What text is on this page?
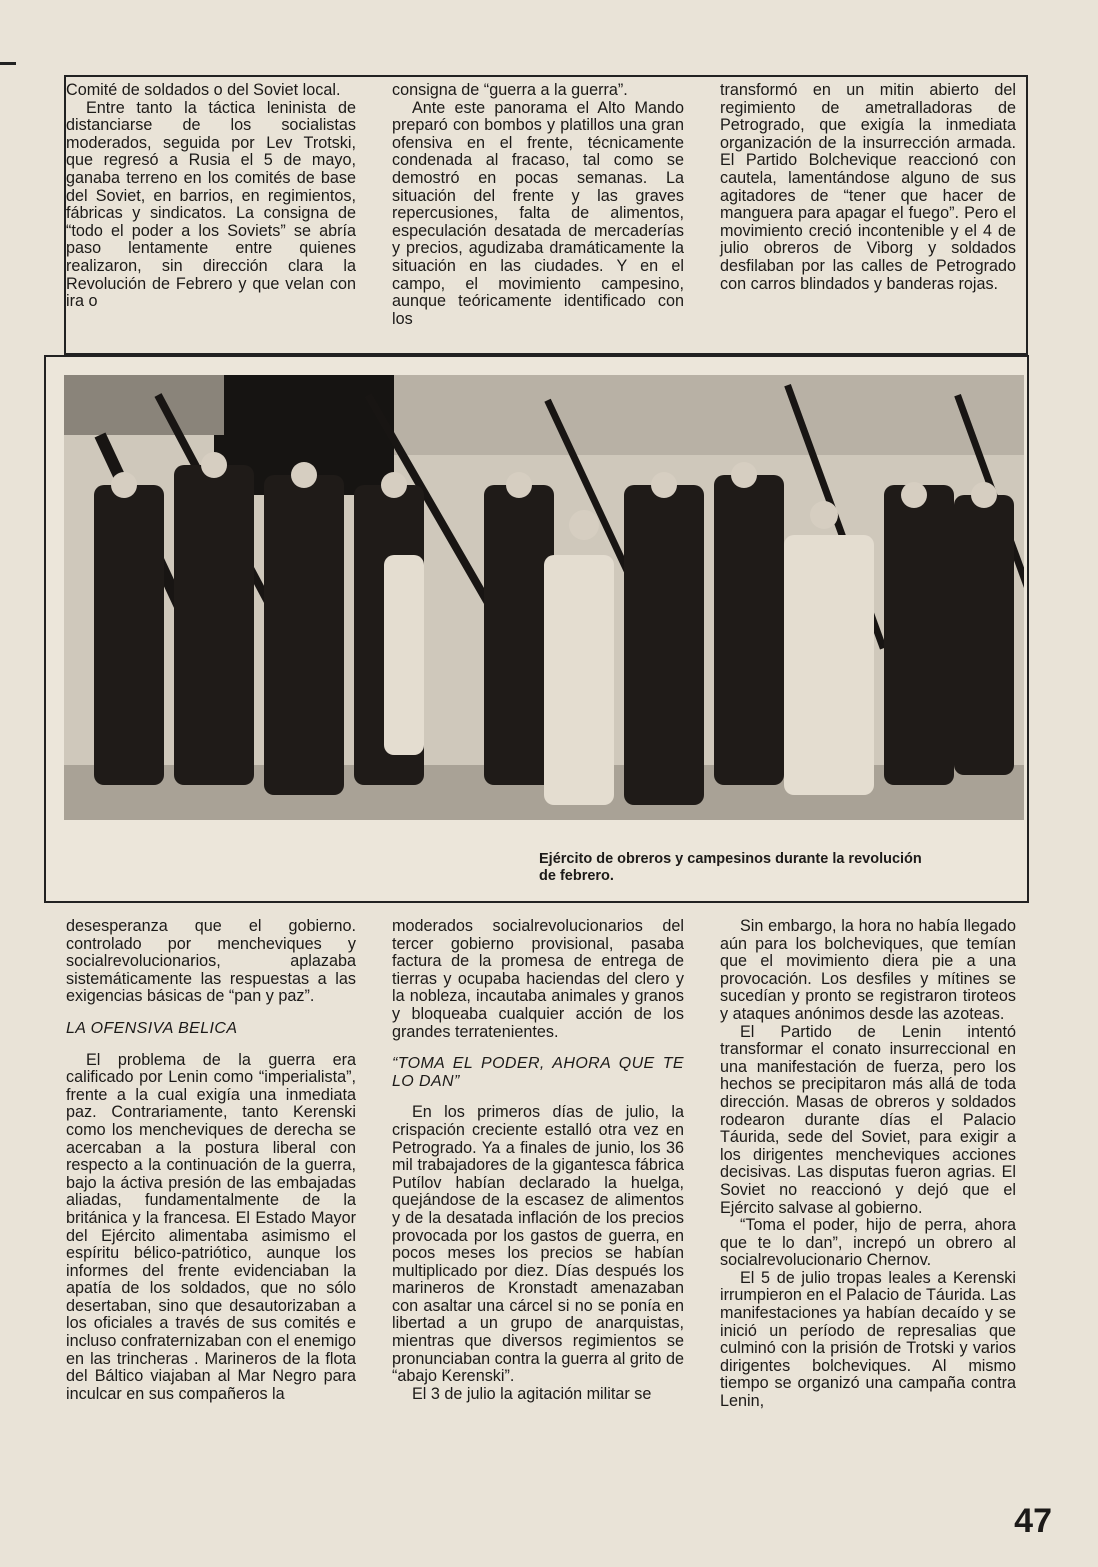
Comité de soldados o del Soviet local.

Entre tanto la táctica leninista de distanciarse de los socialistas moderados, seguida por Lev Trotski, que regresó a Rusia el 5 de mayo, ganaba terreno en los comités de base del Soviet, en barrios, en regimientos, fábricas y sindicatos. La consigna de “todo el poder a los Soviets” se abría paso lentamente entre quienes realizaron, sin dirección clara la Revolución de Febrero y que velan con ira o

consigna de “guerra a la guerra”.

Ante este panorama el Alto Mando preparó con bombos y platillos una gran ofensiva en el frente, técnicamente condenada al fracaso, tal como se demostró en pocas semanas. La situación del frente y las graves repercusiones, falta de alimentos, especulación desatada de mercaderías y precios, agudizaba dramáticamente la situación en las ciudades. Y en el campo, el movimiento campesino, aunque teóricamente identificado con los

transformó en un mitin abierto del regimiento de ametralladoras de Petrogrado, que exigía la inmediata organización de la insurrección armada. El Partido Bolchevique reaccionó con cautela, lamentándose alguno de sus agitadores de “tener que hacer de manguera para apagar el fuego”. Pero el movimiento creció incontenible y el 4 de julio obreros de Viborg y soldados desfilaban por las calles de Petrogrado con carros blindados y banderas rojas.

Ejército de obreros y campesinos durante la revolución
de febrero.

desesperanza que el gobierno. controlado por mencheviques y socialrevolucionarios, aplazaba sistemáticamente las respuestas a las exigencias básicas de “pan y paz”.

LA OFENSIVA BELICA

El problema de la guerra era calificado por Lenin como “imperialista”, frente a la cual exigía una inmediata paz. Contrariamente, tanto Kerenski como los mencheviques de derecha se acercaban a la postura liberal con respecto a la continuación de la guerra, bajo la áctiva presión de las embajadas aliadas, fundamentalmente de la británica y la francesa. El Estado Mayor del Ejército alimentaba asimismo el espíritu bélico-patriótico, aunque los informes del frente evidenciaban la apatía de los soldados, que no sólo desertaban, sino que desautorizaban a los oficiales a través de sus comités e incluso confraternizaban con el enemigo en las trincheras . Marineros de la flota del Báltico viajaban al Mar Negro para inculcar en sus compañeros la

moderados socialrevolucionarios del tercer gobierno provisional, pasaba factura de la promesa de entrega de tierras y ocupaba haciendas del clero y la nobleza, incautaba animales y granos y bloqueaba cualquier acción de los grandes terratenientes.

“TOMA EL PODER, AHORA QUE TE LO DAN”

En los primeros días de julio, la crispación creciente estalló otra vez en Petrogrado. Ya a finales de junio, los 36 mil trabajadores de la gigantesca fábrica Putílov habían declarado la huelga, quejándose de la escasez de alimentos y de la desatada inflación de los precios provocada por los gastos de guerra, en pocos meses los precios se habían multiplicado por diez. Días después los marineros de Kronstadt amenazaban con asaltar una cárcel si no se ponía en libertad a un grupo de anarquistas, mientras que diversos regimientos se pronunciaban contra la guerra al grito de “abajo Kerenski”.

El 3 de julio la agitación militar se

Sin embargo, la hora no había llegado aún para los bolcheviques, que temían que el movimiento diera pie a una provocación. Los desfiles y mítines se sucedían y pronto se registraron tiroteos y ataques anónimos desde las azoteas.

El Partido de Lenin intentó transformar el conato insurreccional en una manifestación de fuerza, pero los hechos se precipitaron más allá de toda dirección. Masas de obreros y soldados rodearon durante días el Palacio Táurida, sede del Soviet, para exigir a los dirigentes mencheviques acciones decisivas. Las disputas fueron agrias. El Soviet no reaccionó y dejó que el Ejército salvase al gobierno.

“Toma el poder, hijo de perra, ahora que te lo dan”, increpó un obrero al socialrevolucionario Chernov.

El 5 de julio tropas leales a Kerenski irrumpieron en el Palacio de Táurida. Las manifestaciones ya habían decaído y se inició un período de represalias que culminó con la prisión de Trotski y varios dirigentes bolcheviques. Al mismo tiempo se organizó una campaña contra Lenin,

47
